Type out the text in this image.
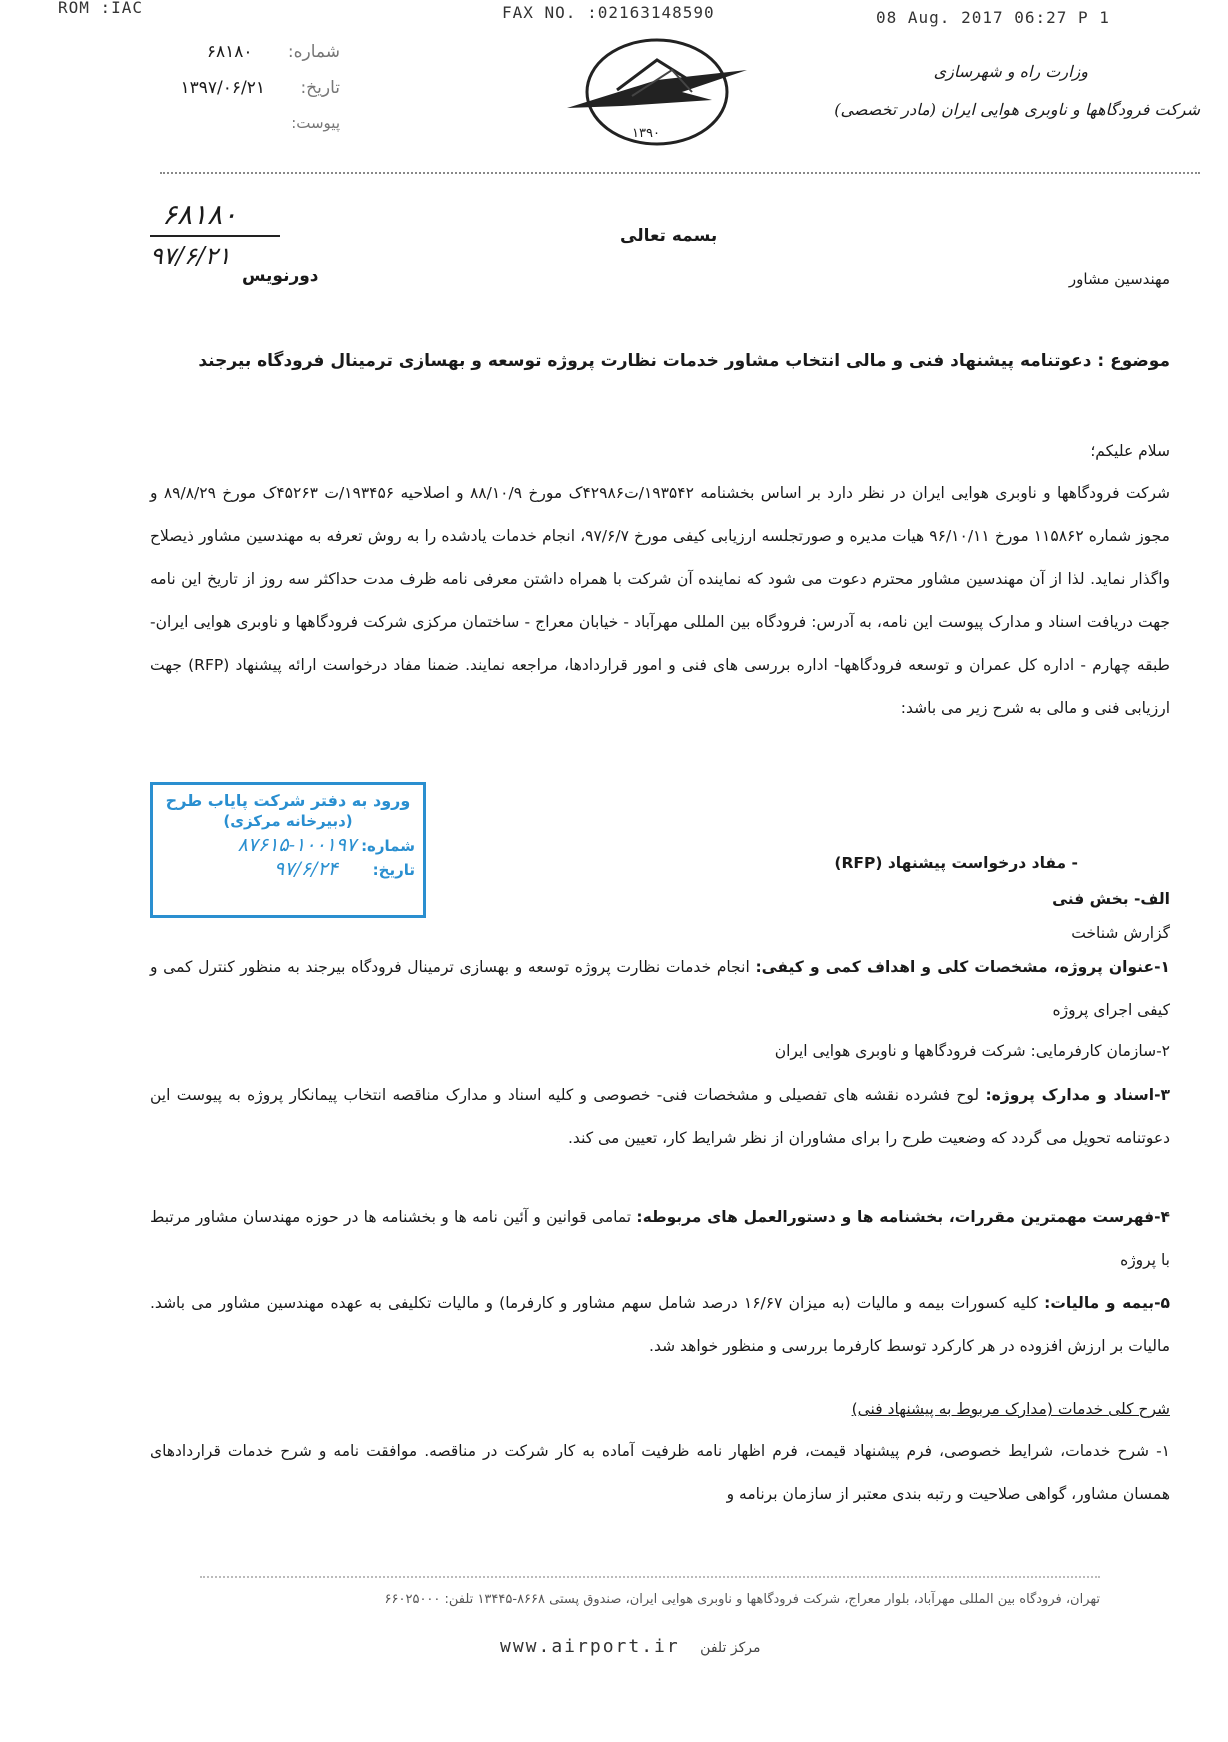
ROM :IAC	FAX NO. :02163148590	08 Aug. 2017 06:27 P 1
شماره: ۶۸۱۸۰
تاریخ: ۱۳۹۷/۰۶/۲۱
پیوست:
۱۳۹۰
وزارت راه و شهرسازی
شرکت فرودگاهها و ناوبری هوایی ایران (مادر تخصصی)
۶۸۱۸۰
۹۷/۶/۲۱
دورنویس
بسمه تعالی
مهندسین مشاور
موضوع : دعوتنامه پیشنهاد فنی و مالی انتخاب مشاور خدمات نظارت پروژه توسعه و بهسازی ترمینال فرودگاه بیرجند
سلام علیکم؛
شرکت فرودگاهها و ناوبری هوایی ایران در نظر دارد بر اساس بخشنامه ۱۹۳۵۴۲/ت۴۲۹۸۶ک مورخ ۸۸/۱۰/۹ و اصلاحیه ۱۹۳۴۵۶/ت ۴۵۲۶۳ک مورخ ۸۹/۸/۲۹ و مجوز شماره ۱۱۵۸۶۲ مورخ ۹۶/۱۰/۱۱ هیات مدیره و صورتجلسه ارزیابی کیفی مورخ ۹۷/۶/۷، انجام خدمات یادشده را به روش تعرفه به مهندسین مشاور ذیصلاح واگذار نماید. لذا از آن مهندسین مشاور محترم دعوت می شود که نماینده آن شرکت با همراه داشتن معرفی نامه ظرف مدت حداکثر سه روز از تاریخ این نامه جهت دریافت اسناد و مدارک پیوست این نامه، به آدرس: فرودگاه بین المللی مهرآباد - خیابان معراج - ساختمان مرکزی شرکت فرودگاهها و ناوبری هوایی ایران- طبقه چهارم - اداره کل عمران و توسعه فرودگاهها- اداره بررسی های فنی و امور قراردادها، مراجعه نمایند. ضمنا مفاد درخواست ارائه پیشنهاد (RFP) جهت ارزیابی فنی و مالی به شرح زیر می باشد:
ورود به دفتر شرکت پایاب طرح
(دبیرخانه مرکزی)
شماره: ۱۰۰۱۹۷-۸۷۶۱۵
تاریخ: ۹۷/۶/۲۴	- مفاد درخواست پیشنهاد (RFP)
الف- بخش فنی
گزارش شناخت
۱-عنوان پروژه، مشخصات کلی و اهداف کمی و کیفی: انجام خدمات نظارت پروژه توسعه و بهسازی ترمینال فرودگاه بیرجند به منظور کنترل کمی و کیفی اجرای پروژه
۲-سازمان کارفرمایی: شرکت فرودگاهها و ناوبری هوایی ایران
۳-اسناد و مدارک پروژه: لوح فشرده نقشه های تفصیلی و مشخصات فنی- خصوصی و کلیه اسناد و مدارک مناقصه انتخاب پیمانکار پروژه به پیوست این دعوتنامه تحویل می گردد که وضعیت طرح را برای مشاوران از نظر شرایط کار، تعیین می کند.
۴-فهرست مهمترین مقررات، بخشنامه ها و دستورالعمل های مربوطه: تمامی قوانین و آئین نامه ها و بخشنامه ها در حوزه مهندسان مشاور مرتبط با پروژه
۵-بیمه و مالیات: کلیه کسورات بیمه و مالیات (به میزان ۱۶/۶۷ درصد شامل سهم مشاور و کارفرما) و مالیات تکلیفی به عهده مهندسین مشاور می باشد. مالیات بر ارزش افزوده در هر کارکرد توسط کارفرما بررسی و منظور خواهد شد.
شرح کلی خدمات (مدارک مربوط به پیشنهاد فنی)
۱- شرح خدمات، شرایط خصوصی، فرم پیشنهاد قیمت، فرم اظهار نامه ظرفیت آماده به کار شرکت در مناقصه. موافقت نامه و شرح خدمات قراردادهای همسان مشاور، گواهی صلاحیت و رتبه بندی معتبر از سازمان برنامه و
تهران، فرودگاه بین المللی مهرآباد، بلوار معراج، شرکت فرودگاهها و ناوبری هوایی ایران، صندوق پستی ۸۶۶۸-۱۳۴۴۵ تلفن: ۶۶۰۲۵۰۰۰
www.airport.ir مرکز تلفن
